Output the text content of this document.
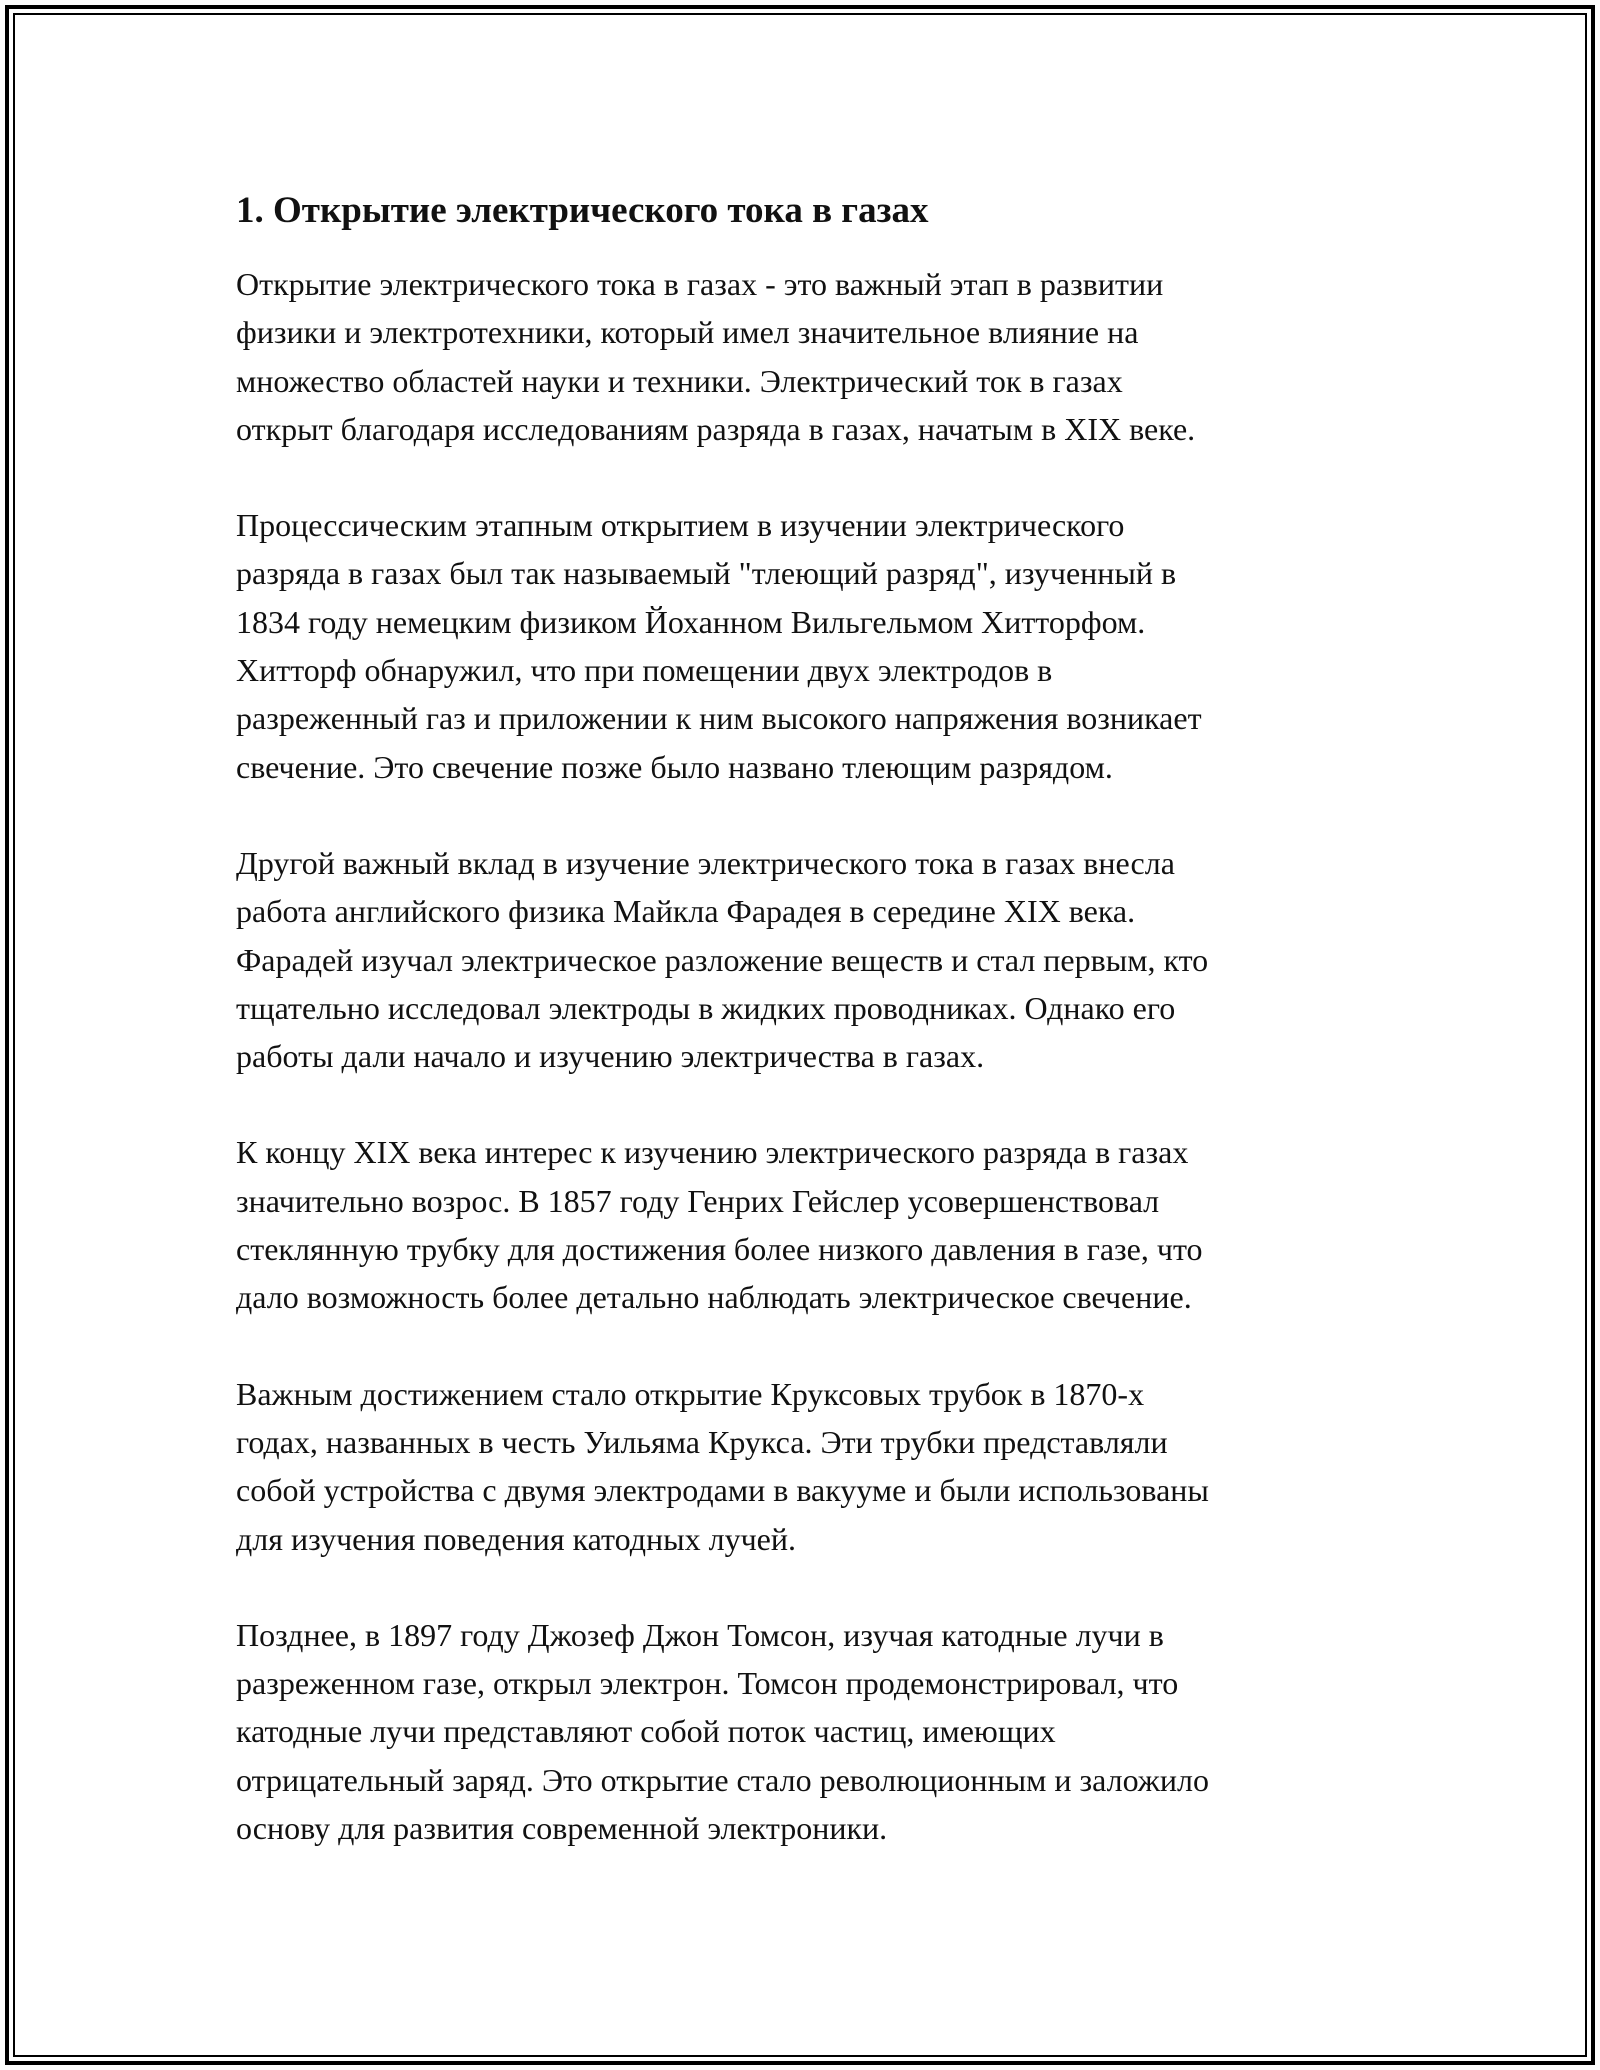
1. Открытие электрического тока в газах
Открытие электрического тока в газах - это важный этап в развитии
физики и электротехники, который имел значительное влияние на
множество областей науки и техники. Электрический ток в газах
открыт благодаря исследованиям разряда в газах, начатым в XIX веке.
Процессическим этапным открытием в изучении электрического
разряда в газах был так называемый "тлеющий разряд", изученный в
1834 году немецким физиком Йоханном Вильгельмом Хитторфом.
Хитторф обнаружил, что при помещении двух электродов в
разреженный газ и приложении к ним высокого напряжения возникает
свечение. Это свечение позже было названо тлеющим разрядом.
Другой важный вклад в изучение электрического тока в газах внесла
работа английского физика Майкла Фарадея в середине XIX века.
Фарадей изучал электрическое разложение веществ и стал первым, кто
тщательно исследовал электроды в жидких проводниках. Однако его
работы дали начало и изучению электричества в газах.
К концу XIX века интерес к изучению электрического разряда в газах
значительно возрос. В 1857 году Генрих Гейслер усовершенствовал
стеклянную трубку для достижения более низкого давления в газе, что
дало возможность более детально наблюдать электрическое свечение.
Важным достижением стало открытие Круксовых трубок в 1870-х
годах, названных в честь Уильяма Крукса. Эти трубки представляли
собой устройства с двумя электродами в вакууме и были использованы
для изучения поведения катодных лучей.
Позднее, в 1897 году Джозеф Джон Томсон, изучая катодные лучи в
разреженном газе, открыл электрон. Томсон продемонстрировал, что
катодные лучи представляют собой поток частиц, имеющих
отрицательный заряд. Это открытие стало революционным и заложило
основу для развития современной электроники.
